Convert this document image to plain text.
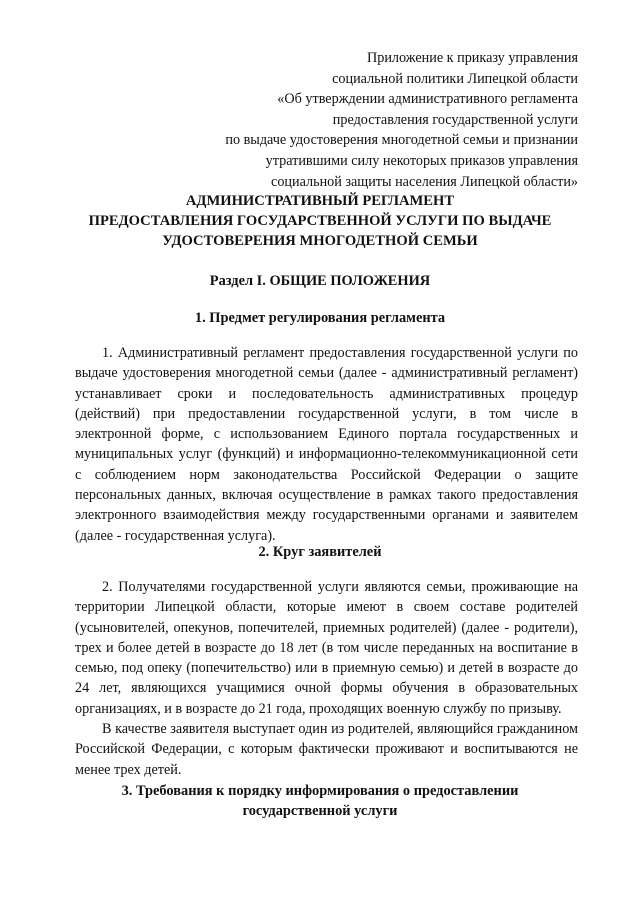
Приложение к приказу управления
социальной политики Липецкой области
«Об утверждении административного регламента
предоставления государственной услуги
по выдаче удостоверения многодетной семьи и признании
утратившими силу некоторых приказов управления
социальной защиты населения Липецкой области»
АДМИНИСТРАТИВНЫЙ РЕГЛАМЕНТ
ПРЕДОСТАВЛЕНИЯ ГОСУДАРСТВЕННОЙ УСЛУГИ ПО ВЫДАЧЕ
УДОСТОВЕРЕНИЯ МНОГОДЕТНОЙ СЕМЬИ
Раздел I. ОБЩИЕ ПОЛОЖЕНИЯ
1. Предмет регулирования регламента

1. Административный регламент предоставления государственной услуги по выдаче удостоверения многодетной семьи (далее - административный регламент) устанавливает сроки и последовательность административных процедур (действий) при предоставлении государственной услуги, в том числе в электронной форме, с использованием Единого портала государственных и муниципальных услуг (функций) и информационно-телекоммуникационной сети с соблюдением норм законодательства Российской Федерации о защите персональных данных, включая осуществление в рамках такого предоставления электронного взаимодействия между государственными органами и заявителем (далее - государственная услуга).

2. Круг заявителей

2. Получателями государственной услуги являются семьи, проживающие на территории Липецкой области, которые имеют в своем составе родителей (усыновителей, опекунов, попечителей, приемных родителей) (далее - родители), трех и более детей в возрасте до 18 лет (в том числе переданных на воспитание в семью, под опеку (попечительство) или в приемную семью) и детей в возрасте до 24 лет, являющихся учащимися очной формы обучения в образовательных организациях, и в возрасте до 21 года, проходящих военную службу по призыву.

В качестве заявителя выступает один из родителей, являющийся гражданином Российской Федерации, с которым фактически проживают и воспитываются не менее трех детей.

3. Требования к порядку информирования о предоставлении
государственной услуги
